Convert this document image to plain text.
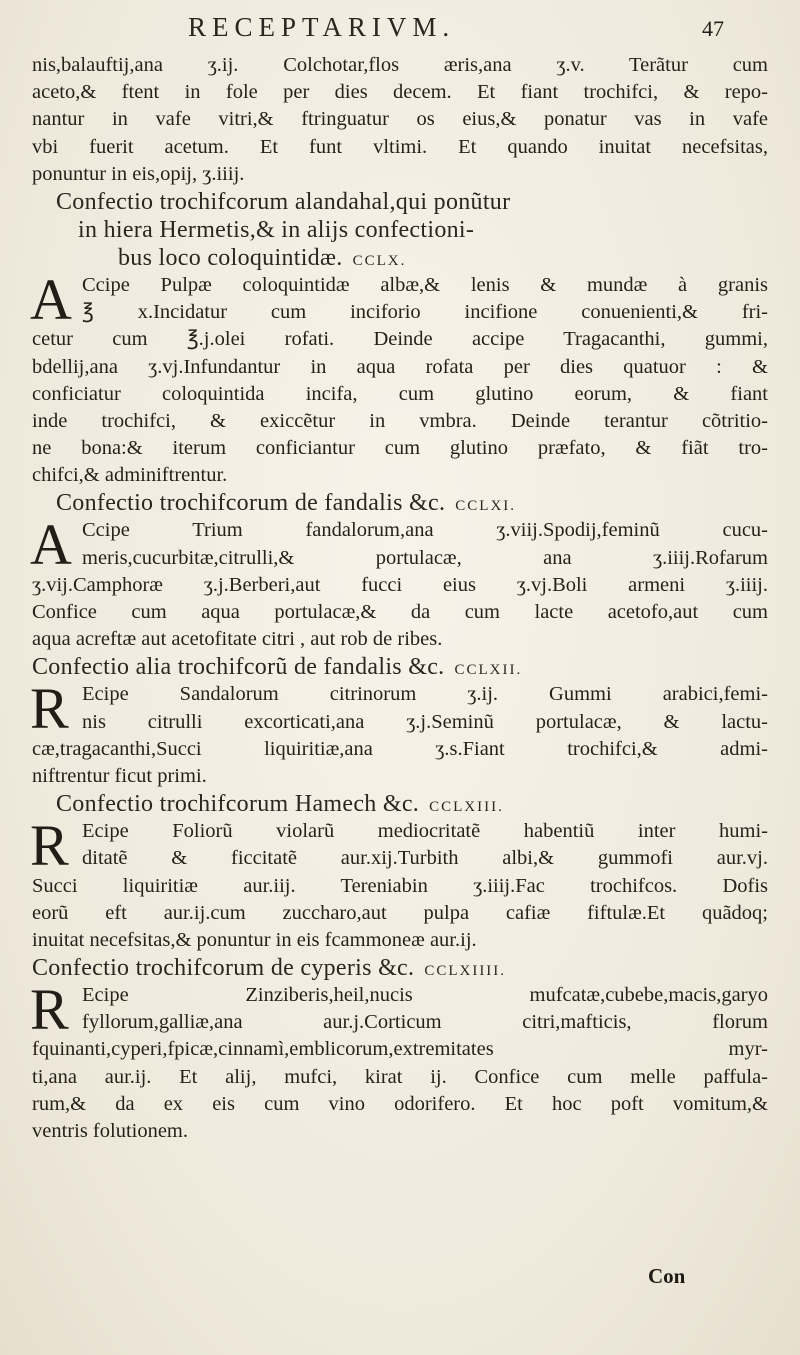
RECEPTARIVM.	47
nis,balauftij,ana ʒ.ij. Colchotar,flos æris,ana ʒ.v. Terãtur cum
aceto,& ftent in fole per dies decem. Et fiant trochifci, & repo-
nantur in vafe vitri,& ftringuatur os eius,& ponatur vas in vafe
vbi fuerit acetum. Et funt vltimi. Et quando inuitat necefsitas,
ponuntur in eis,opij, ʒ.iiij.
Confectio trochifcorum alandahal,qui ponũtur
in hiera Hermetis,& in alijs confectioni-
bus loco coloquintidæ. CCLX.
A Ccipe Pulpæ coloquintidæ albæ,& lenis & mundæ à granis
℥ x.Incidatur cum inciforio incifione conuenienti,& fri-
cetur cum ℥.j.olei rofati. Deinde accipe Tragacanthi, gummi,
bdellij,ana ʒ.vj.Infundantur in aqua rofata per dies quatuor : &
conficiatur coloquintida incifa, cum glutino eorum, & fiant
inde trochifci, & exiccẽtur in vmbra. Deinde terantur cõtritio-
ne bona:& iterum conficiantur cum glutino præfato, & fiãt tro-
chifci,& adminiftrentur.
Confectio trochifcorum de fandalis &c. CCLXI.
A Ccipe Trium fandalorum,ana ʒ.viij.Spodij,feminũ cucu-
meris,cucurbitæ,citrulli,& portulacæ, ana ʒ.iiij.Rofarum
ʒ.vij.Camphoræ ʒ.j.Berberi,aut fucci eius ʒ.vj.Boli armeni ʒ.iiij.
Confice cum aqua portulacæ,& da cum lacte acetofo,aut cum
aqua acreftæ aut acetofitate citri , aut rob de ribes.
Confectio alia trochifcorũ de fandalis &c. CCLXII.
R Ecipe Sandalorum citrinorum ʒ.ij. Gummi arabici,femi-
nis citrulli excorticati,ana ʒ.j.Seminũ portulacæ, & lactu-
cæ,tragacanthi,Succi liquiritiæ,ana ʒ.s.Fiant trochifci,& admi-
niftrentur ficut primi.
Confectio trochifcorum Hamech &c. CCLXIII.
R Ecipe Foliorũ violarũ mediocritatẽ habentiũ inter humi-
ditatẽ & ficcitatẽ aur.xij.Turbith albi,& gummofi aur.vj.
Succi liquiritiæ aur.iij. Tereniabin ʒ.iiij.Fac trochifcos. Dofis
eorũ eft aur.ij.cum zuccharo,aut pulpa cafiæ fiftulæ.Et quãdoq;
inuitat necefsitas,& ponuntur in eis fcammoneæ aur.ij.
Confectio trochifcorum de cyperis &c. CCLXIIII.
R Ecipe Zinziberis,heil,nucis mufcatæ,cubebe,macis,garyo
fyllorum,galliæ,ana aur.j.Corticum citri,mafticis, florum
fquinanti,cyperi,fpicæ,cinnamì,emblicorum,extremitates myr-
ti,ana aur.ij. Et alij, mufci, kirat ij. Confice cum melle paffula-
rum,& da ex eis cum vino odorifero. Et hoc poft vomitum,&
ventris folutionem.
Con
